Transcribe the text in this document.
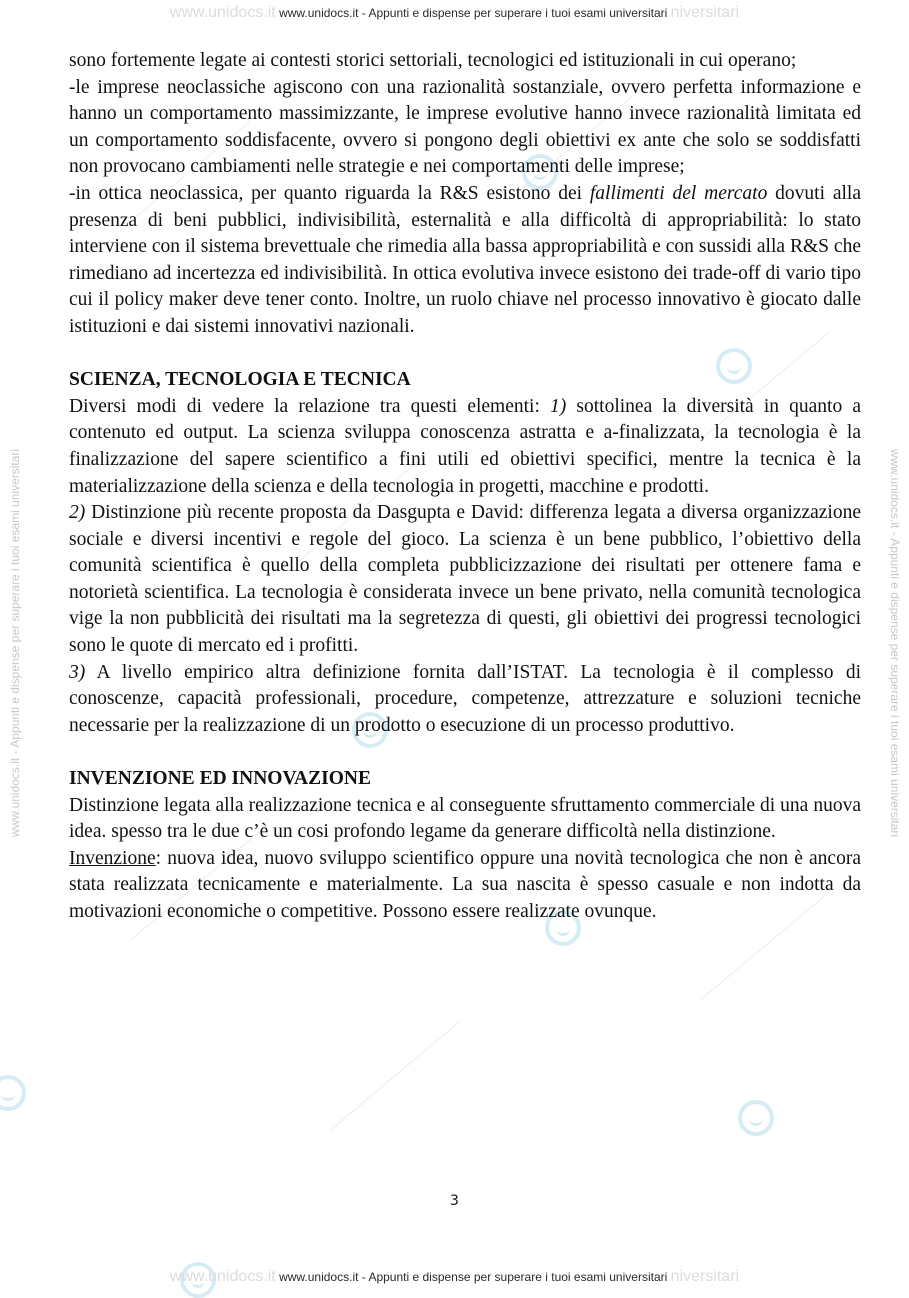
www.unidocs.it www.unidocs.it - Appunti e dispense per superare i tuoi esami universitari niversitari
www.unidocs.it - Appunti e dispense per superare i tuoi esami universitari	www.unidocs.it - Appunti e dispense per superare i tuoi esami universitari

sono fortemente legate ai contesti storici settoriali, tecnologici ed istituzionali in cui operano;

-le imprese neoclassiche agiscono con una razionalità sostanziale, ovvero perfetta informazione e hanno un comportamento massimizzante, le imprese evolutive hanno invece razionalità limitata ed un comportamento soddisfacente, ovvero si pongono degli obiettivi ex ante che solo se soddisfatti non provocano cambiamenti nelle strategie e nei comportamenti delle imprese;

-in ottica neoclassica, per quanto riguarda la R&S esistono dei fallimenti del mercato dovuti alla presenza di beni pubblici, indivisibilità, esternalità e alla difficoltà di appropriabilità: lo stato interviene con il sistema brevettuale che rimedia alla bassa appropriabilità e con sussidi alla R&S che rimediano ad incertezza ed indivisibilità. In ottica evolutiva invece esistono dei trade-off di vario tipo cui il policy maker deve tener conto. Inoltre, un ruolo chiave nel processo innovativo è giocato dalle istituzioni e dai sistemi innovativi nazionali.

SCIENZA, TECNOLOGIA E TECNICA

Diversi modi di vedere la relazione tra questi elementi: 1) sottolinea la diversità in quanto a contenuto ed output. La scienza sviluppa conoscenza astratta e a-finalizzata, la tecnologia è la finalizzazione del sapere scientifico a fini utili ed obiettivi specifici, mentre la tecnica è la materializzazione della scienza e della tecnologia in progetti, macchine e prodotti.

2) Distinzione più recente proposta da Dasgupta e David: differenza legata a diversa organizzazione sociale e diversi incentivi e regole del gioco. La scienza è un bene pubblico, l’obiettivo della comunità scientifica è quello della completa pubblicizzazione dei risultati per ottenere fama e notorietà scientifica. La tecnologia è considerata invece un bene privato, nella comunità tecnologica vige la non pubblicità dei risultati ma la segretezza di questi, gli obiettivi dei progressi tecnologici sono le quote di mercato ed i profitti.

3) A livello empirico altra definizione fornita dall’ISTAT. La tecnologia è il complesso di conoscenze, capacità professionali, procedure, competenze, attrezzature e soluzioni tecniche necessarie per la realizzazione di un prodotto o esecuzione di un processo produttivo.

INVENZIONE ED INNOVAZIONE

Distinzione legata alla realizzazione tecnica e al conseguente sfruttamento commerciale di una nuova idea. spesso tra le due c’è un cosi profondo legame da generare difficoltà nella distinzione.

Invenzione: nuova idea, nuovo sviluppo scientifico oppure una novità tecnologica che non è ancora stata realizzata tecnicamente e materialmente. La sua nascita è spesso casuale e non indotta da motivazioni economiche o competitive. Possono essere realizzate ovunque.

3
www.unidocs.it www.unidocs.it - Appunti e dispense per superare i tuoi esami universitari niversitari
